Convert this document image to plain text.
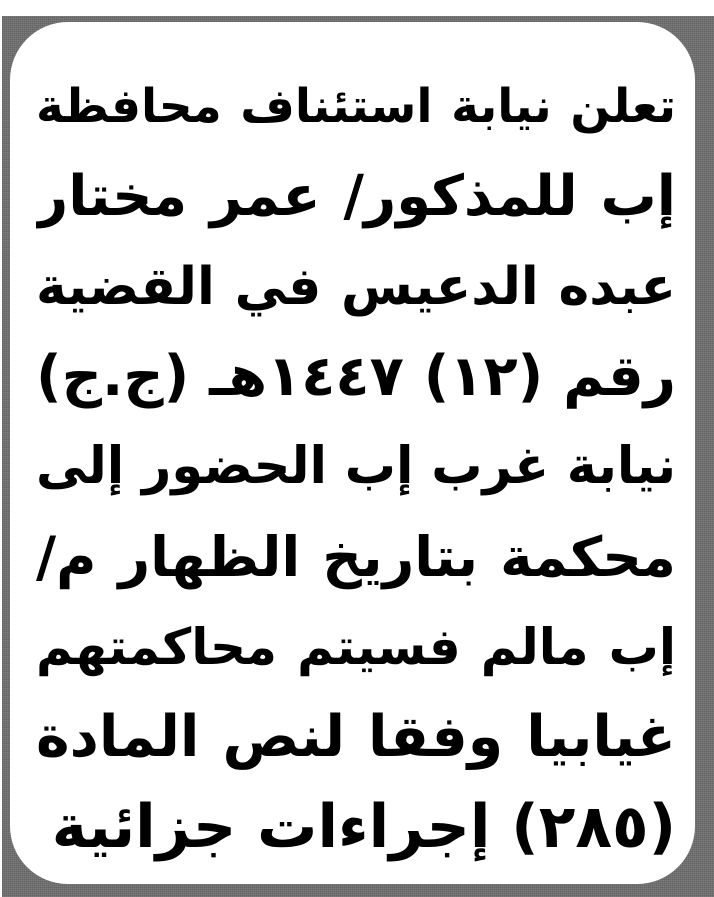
تعلن نيابة استئناف محافظة
إب للمذكور/ عمر مختار
عبده الدعيس في القضية
رقم (١٢) ١٤٤٧هـ (ج.ج)
نيابة غرب إب الحضور إلى
محكمة بتاريخ الظهار م/
إب مالم فسيتم محاكمتهم
غيابيا وفقا لنص المادة
(٢٨٥) إجراءات جزائية
